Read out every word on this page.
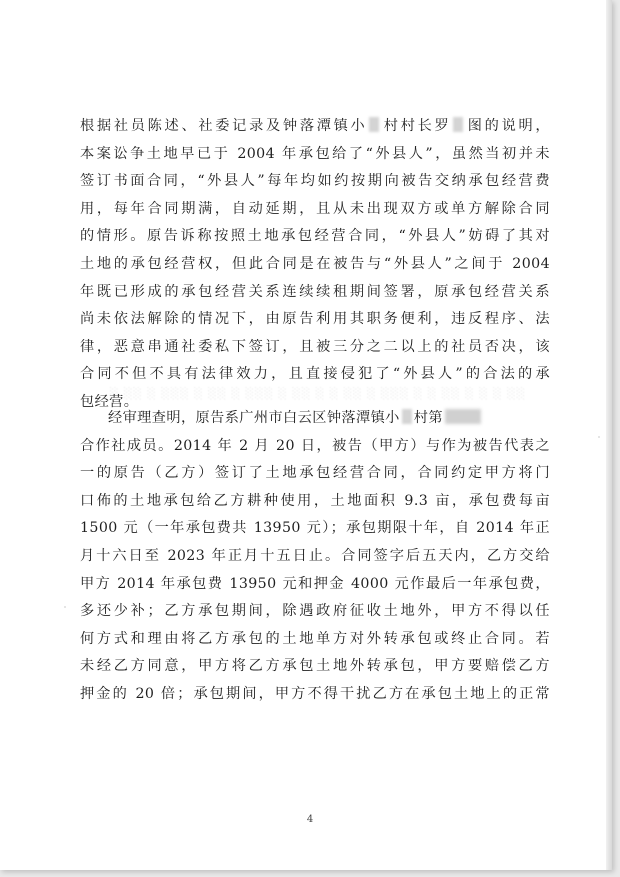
░ ░░ ░ ░░░ ░ ░░ ░ ░░░ ░ ░░ ░ ░ ░░ ░ ░░░ ░ ░ ░░ ░ ░ ░ ░░
根据社员陈述、社委记录及钟落潭镇小 村村长罗 图的说明，
本案讼争土地早已于 2004 年承包给了“外县人”，虽然当初并未
签订书面合同，“外县人”每年均如约按期向被告交纳承包经营费
用，每年合同期满，自动延期，且从未出现双方或单方解除合同
的情形。原告诉称按照土地承包经营合同，“外县人”妨碍了其对
土地的承包经营权，但此合同是在被告与“外县人”之间于 2004
年既已形成的承包经营关系连续续租期间签署，原承包经营关系
尚未依法解除的情况下，由原告利用其职务便利，违反程序、法
律，恶意串通社委私下签订，且被三分之二以上的社员否决，该
合同不但不具有法律效力，且直接侵犯了“外县人”的合法的承
包经营。
经审理查明，原告系广州市白云区钟落潭镇小 村第
合作社成员。2014 年 2 月 20 日，被告（甲方）与作为被告代表之
一的原告（乙方）签订了土地承包经营合同，合同约定甲方将门
口佈的土地承包给乙方耕种使用，土地面积 9.3 亩，承包费每亩
1500 元（一年承包费共 13950 元）；承包期限十年，自 2014 年正
月十六日至 2023 年正月十五日止。合同签字后五天内，乙方交给
甲方 2014 年承包费 13950 元和押金 4000 元作最后一年承包费，
多还少补；乙方承包期间，除遇政府征收土地外，甲方不得以任
何方式和理由将乙方承包的土地单方对外转承包或终止合同。若
未经乙方同意，甲方将乙方承包土地外转承包，甲方要赔偿乙方
押金的 20 倍；承包期间，甲方不得干扰乙方在承包土地上的正常
4
